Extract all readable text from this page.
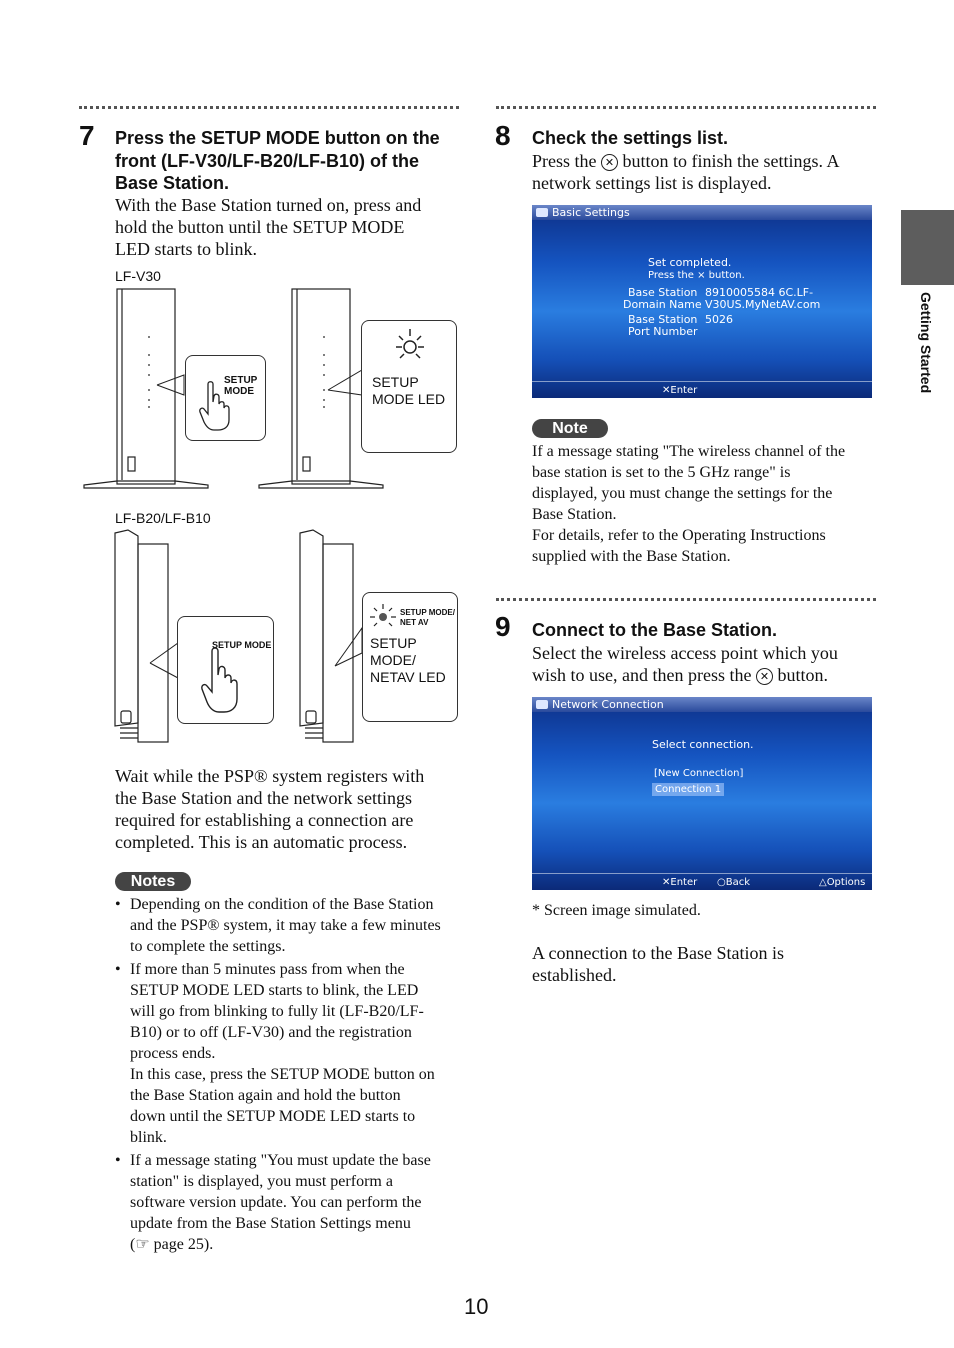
Getting Started
7 Press the SETUP MODE button on the
front (LF-V30/LF-B20/LF-B10) of the
Base Station.
With the Base Station turned on, press and
hold the button until the SETUP MODE
LED starts to blink.
LF-V30
SETUP
MODE
SETUP
MODE LED
LF-B20/LF-B10
SETUP MODE
SETUP MODE/
NET AV
SETUP
MODE/
NETAV LED
Wait while the PSP® system registers with
the Base Station and the network settings
required for establishing a connection are
completed. This is an automatic process.
Notes
• Depending on the condition of the Base Station
and the PSP® system, it may take a few minutes
to complete the settings.
• If more than 5 minutes pass from when the
SETUP MODE LED starts to blink, the LED
will go from blinking to fully lit (LF-B20/LF-
B10) or to off (LF-V30) and the registration
process ends.
In this case, press the SETUP MODE button on
the Base Station again and hold the button
down until the SETUP MODE LED starts to
blink.
• If a message stating "You must update the base
station" is displayed, you must perform a
software version update. You can perform the
update from the Base Station Settings menu
(☞ page 25).
8 Check the settings list.
Press the ✕ button to finish the settings. A
network settings list is displayed.
Basic Settings
Set completed.
Press the × button.
Base Station
Domain Name
8910005584 6C.LF-
V30US.MyNetAV.com
Base Station
Port Number
5026
✕Enter
Note
If a message stating "The wireless channel of the
base station is set to the 5 GHz range" is
displayed, you must change the settings for the
Base Station.
For details, refer to the Operating Instructions
supplied with the Base Station.
9 Connect to the Base Station.
Select the wireless access point which you
wish to use, and then press the ✕ button.
Network Connection
Select connection.
[New Connection]
Connection 1
✕Enter ○Back	△Options
* Screen image simulated.
A connection to the Base Station is
established.
10
